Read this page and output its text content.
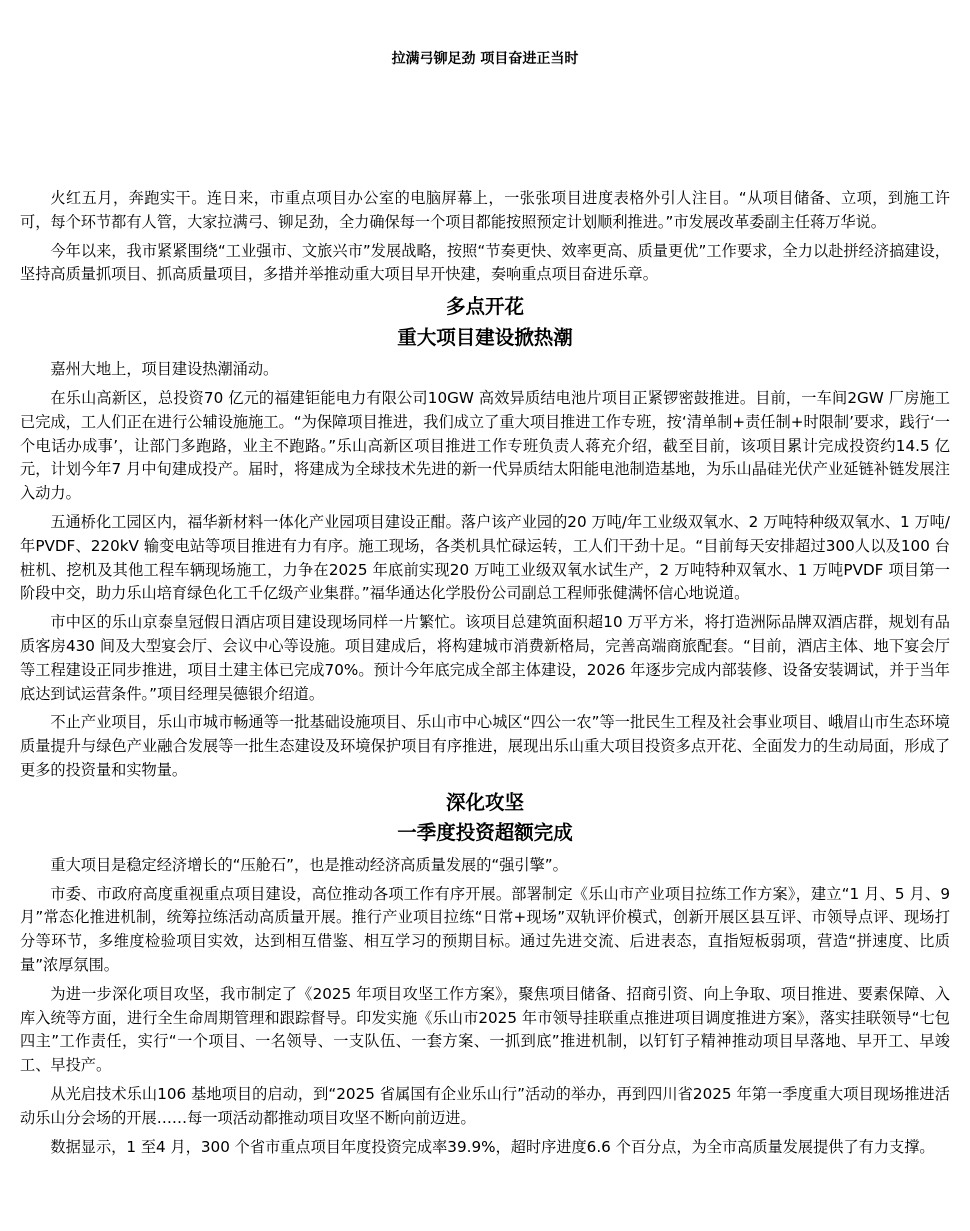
拉满弓铆足劲 项目奋进正当时

火红五月，奔跑实干。连日来，市重点项目办公室的电脑屏幕上，一张张项目进度表格外引人注目。“从项目储备、立项，到施工许可，每个环节都有人管，大家拉满弓、铆足劲，全力确保每一个项目都能按照预定计划顺利推进。”市发展改革委副主任蒋万华说。

今年以来，我市紧紧围绕“工业强市、文旅兴市”发展战略，按照“节奏更快、效率更高、质量更优”工作要求，全力以赴拼经济搞建设，坚持高质量抓项目、抓高质量项目，多措并举推动重大项目早开快建，奏响重点项目奋进乐章。

多点开花
重大项目建设掀热潮

嘉州大地上，项目建设热潮涌动。

在乐山高新区，总投资70 亿元的福建钜能电力有限公司10GW 高效异质结电池片项目正紧锣密鼓推进。目前，一车间2GW 厂房施工已完成，工人们正在进行公辅设施施工。“为保障项目推进，我们成立了重大项目推进工作专班，按‘清单制+责任制+时限制’要求，践行‘一个电话办成事’，让部门多跑路，业主不跑路。”乐山高新区项目推进工作专班负责人蒋充介绍，截至目前，该项目累计完成投资约14.5 亿元，计划今年7 月中旬建成投产。届时，将建成为全球技术先进的新一代异质结太阳能电池制造基地，为乐山晶硅光伏产业延链补链发展注入动力。

五通桥化工园区内，福华新材料一体化产业园项目建设正酣。落户该产业园的20 万吨/年工业级双氧水、2 万吨特种级双氧水、1 万吨/年PVDF、220kV 输变电站等项目推进有力有序。施工现场，各类机具忙碌运转，工人们干劲十足。“目前每天安排超过300人以及100 台桩机、挖机及其他工程车辆现场施工，力争在2025 年底前实现20 万吨工业级双氧水试生产，2 万吨特种双氧水、1 万吨PVDF 项目第一阶段中交，助力乐山培育绿色化工千亿级产业集群。”福华通达化学股份公司副总工程师张健满怀信心地说道。

市中区的乐山京泰皇冠假日酒店项目建设现场同样一片繁忙。该项目总建筑面积超10 万平方米，将打造洲际品牌双酒店群，规划有品质客房430 间及大型宴会厅、会议中心等设施。项目建成后，将构建城市消费新格局，完善高端商旅配套。“目前，酒店主体、地下宴会厅等工程建设正同步推进，项目土建主体已完成70%。预计今年底完成全部主体建设，2026 年逐步完成内部装修、设备安装调试，并于当年底达到试运营条件。”项目经理吴德银介绍道。

不止产业项目，乐山市城市畅通等一批基础设施项目、乐山市中心城区“四公一农”等一批民生工程及社会事业项目、峨眉山市生态环境质量提升与绿色产业融合发展等一批生态建设及环境保护项目有序推进，展现出乐山重大项目投资多点开花、全面发力的生动局面，形成了更多的投资量和实物量。

深化攻坚
一季度投资超额完成

重大项目是稳定经济增长的“压舱石”，也是推动经济高质量发展的“强引擎”。

市委、市政府高度重视重点项目建设，高位推动各项工作有序开展。部署制定《乐山市产业项目拉练工作方案》，建立“1 月、5 月、9 月”常态化推进机制，统筹拉练活动高质量开展。推行产业项目拉练“日常+现场”双轨评价模式，创新开展区县互评、市领导点评、现场打分等环节，多维度检验项目实效，达到相互借鉴、相互学习的预期目标。通过先进交流、后进表态，直指短板弱项，营造“拼速度、比质量”浓厚氛围。

为进一步深化项目攻坚，我市制定了《2025 年项目攻坚工作方案》，聚焦项目储备、招商引资、向上争取、项目推进、要素保障、入库入统等方面，进行全生命周期管理和跟踪督导。印发实施《乐山市2025 年市领导挂联重点推进项目调度推进方案》，落实挂联领导“七包四主”工作责任，实行“一个项目、一名领导、一支队伍、一套方案、一抓到底”推进机制，以钉钉子精神推动项目早落地、早开工、早竣工、早投产。

从光启技术乐山106 基地项目的启动，到“2025 省属国有企业乐山行”活动的举办，再到四川省2025 年第一季度重大项目现场推进活动乐山分会场的开展……每一项活动都推动项目攻坚不断向前迈进。

数据显示，1 至4 月，300 个省市重点项目年度投资完成率39.9%，超时序进度6.6 个百分点，为全市高质量发展提供了有力支撑。
